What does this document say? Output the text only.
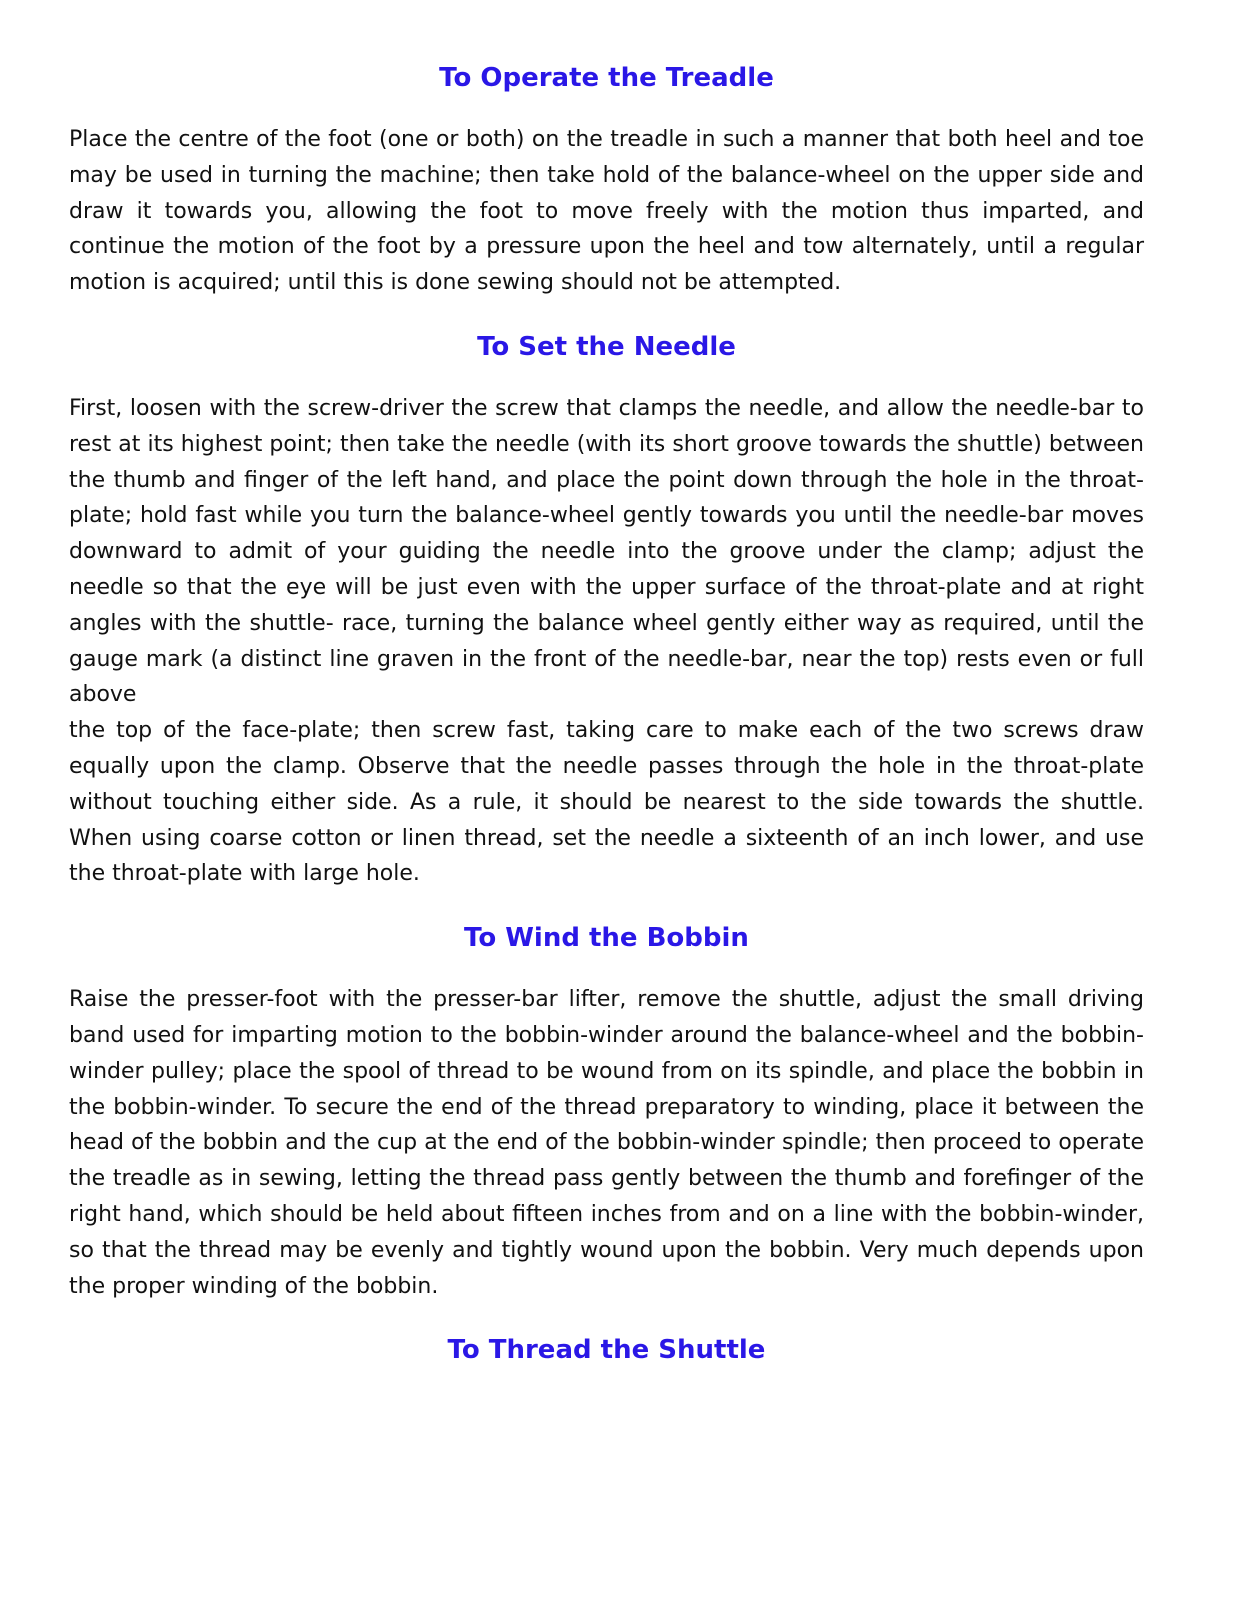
To Operate the Treadle

Place the centre of the foot (one or both) on the treadle in such a manner that both heel and toe may be used in turning the machine; then take hold of the balance-wheel on the upper side and draw it towards you, allowing the foot to move freely with the motion thus imparted, and continue the motion of the foot by a pressure upon the heel and tow alternately, until a regular motion is acquired; until this is done sewing should not be attempted.

To Set the Needle
First, loosen with the screw-driver the screw that clamps the needle, and allow the needle-bar to rest at its highest point; then take the needle (with its short groove towards the shuttle) between the thumb and finger of the left hand, and place the point down through the hole in the throat-plate; hold fast while you turn the balance-wheel gently towards you until the needle-bar moves downward to admit of your guiding the needle into the groove under the clamp; adjust the needle so that the eye will be just even with the upper surface of the throat-plate and at right angles with the shuttle- race, turning the balance wheel gently either way as required, until the gauge mark (a distinct line graven in the front of the needle-bar, near the top) rests even or full above
the top of the face-plate; then screw fast, taking care to make each of the two screws draw equally upon the clamp. Observe that the needle passes through the hole in the throat-plate without touching either side. As a rule, it should be nearest to the side towards the shuttle. When using coarse cotton or linen thread, set the needle a sixteenth of an inch lower, and use the throat-plate with large hole.
To Wind the Bobbin

Raise the presser-foot with the presser-bar lifter, remove the shuttle, adjust the small driving band used for imparting motion to the bobbin-winder around the balance-wheel and the bobbin-winder pulley; place the spool of thread to be wound from on its spindle, and place the bobbin in the bobbin-winder. To secure the end of the thread preparatory to winding, place it between the head of the bobbin and the cup at the end of the bobbin-winder spindle; then proceed to operate the treadle as in sewing, letting the thread pass gently between the thumb and forefinger of the right hand, which should be held about fifteen inches from and on a line with the bobbin-winder, so that the thread may be evenly and tightly wound upon the bobbin. Very much depends upon the proper winding of the bobbin.

To Thread the Shuttle
